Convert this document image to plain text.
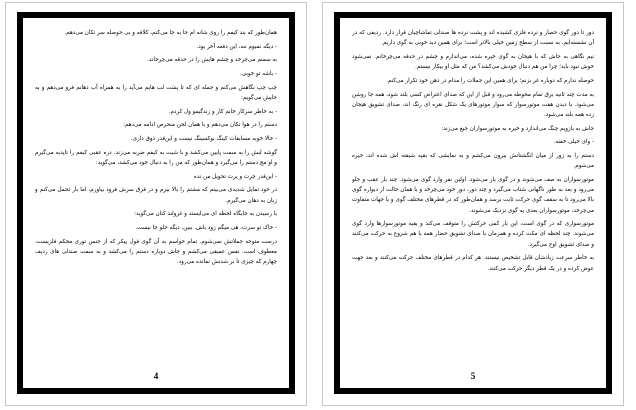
همان‌طور که بند کیفم را روی شانه ام جا به جا می‌کنم، کلافه و بی حوصله سر تکان می‌دهم.

- دیگه نمیوم ننه، این دفعه آخر بود.

به سمتم می‌چرخد و چشم هایش را در حدقه می‌چرخاند.

- باشه تو خوبی.

چپ چپ نگاهش می‌کنم و جمله ای که تا پشت لب هایم می‌آید را به همراه آب دهانم فرو می‌دهم و به جایش می‌گویم:

- به خاطر سرکار خانم کار و زندگیمو ول کردم.

دستم را در هوا تکان می‌دهم و با همان لحن منحرص ادامه می‌دهم:

- خالا خوبه مسابقات کینگ بوکسینگ نیست و این‌قدر ذوق داری.

گوشه لبش را به سمت پایین می‌کشد و با شیت به کیفم ضربه می‌زند. دره عقبی کیفم را تاپدیه می‌گیرم و او مچ دستم را می‌گیرد و همان‌طور که من را به دنبال خود می‌کشد، می‌گوید:

- این‌قدر چرت و پرت تحویل من نده

در خود تمایل شدیدی می‌بینم که مشتم را بالا ببرم و در فرق سرش فرود بیاورم، اما بار تحمل می‌کنم و زبان به دهان می‌گیرم.

با رسیدن به جایگاه لحظه ای می‌ایستد و غرولند کنان می‌گوید:

- خاک تو سرت، هی میگم زود باش. ببین، دیگه جلو جا نیست.

درست متوجه جملاتش نمی‌شوم. تمام حواسم به آن گوی فول پیکر که از جنس توری محکم فلزیست، معطوف است. نفس عمیقی می‌کشم و جاش دوباره دستم را می‌کشد و به سمت صندلی های ردیف چهارم که چیزی تا بر شدنش نمانده می‌رود.

4

دور تا دور گوی حصار و نرده فلزی کشیده اند و پشت نرده ها صندلی تماشاچیان قرار دارد. ردیفی که در آن نشسته‌ایم، به نسبت از سطح زمین خیلی بالاتر است؛ برای همین دید خوبی به گوی داریم.

نیم نگاهی به جاش که با هیجان به گوی خیره شده، می‌اندازم و چشم در حدقه می‌چرخانم. نمی‌شود خوش نبود باید؛ چرا من هم دنبال خودش می‌کشد؟ من که مثل او بیکار نیستم.

حوصله ندارم که دوباره غر بزنم؛ برای همین این جملات را مدام در ذهن خود تکرار می‌کنم.

به مدت چند ثانیه برق تمام محوطه می‌رود و قبل از این که صدای اعتراض کسی بلند شود، همه جا روشن می‌شود. با دیدن هفت موتورسوار که سوار موتورهای یک شکل نقره ای رنگ اند، صدای تشویق هیجان زده همه بلند می‌شود.

جاش به بازویم چنگ می‌اندازد و خیره به موتورسواران جیغ می‌زند:

- وای خیلی خفنه.

دستم را به زور از میان انگشتانش بیرون می‌کشم و به نمایشی که بقیه شیفته اش شده اند، خیره می‌شوم.

موتورسواران به صف می‌شوند و در گوی باز می‌شود. اولین نفر وارد گوی می‌شود. چند بار عقب و جلو می‌رود و بعد به طور ناگهانی شتاب می‌گیرد و چند دور، دور خود می‌چرخد و با همان حالت از دیواره گوی بالا می‌رود تا به سقف گوی حرکت ثابت برسد و همان‌طور که در قطرهای مختلف گوی و با جهات متفاوت می‌چرخد، موتورسواران بعدی به گوی نزدیک می‌شوند.

موتورسواری که در گوی است، این بار کمی حرکتش را متوقف می‌کند و بقیه موتورسوارها وارد گوی می‌شوند. چند لحظه ای مکث کرده و همزمان با صدای تشویق حضار همه با هم شروع به حرکت می‌کنند و صدای تشویق اوج می‌گیرد.

به خاطر سرعت زیادشان قابل تشخیص نیستند. هر کدام در قطرهای مختلف حرکت می‌کنند و بعد جهت عوض کرده و در یک قطر دیگر حرکت می‌کنند.

5
